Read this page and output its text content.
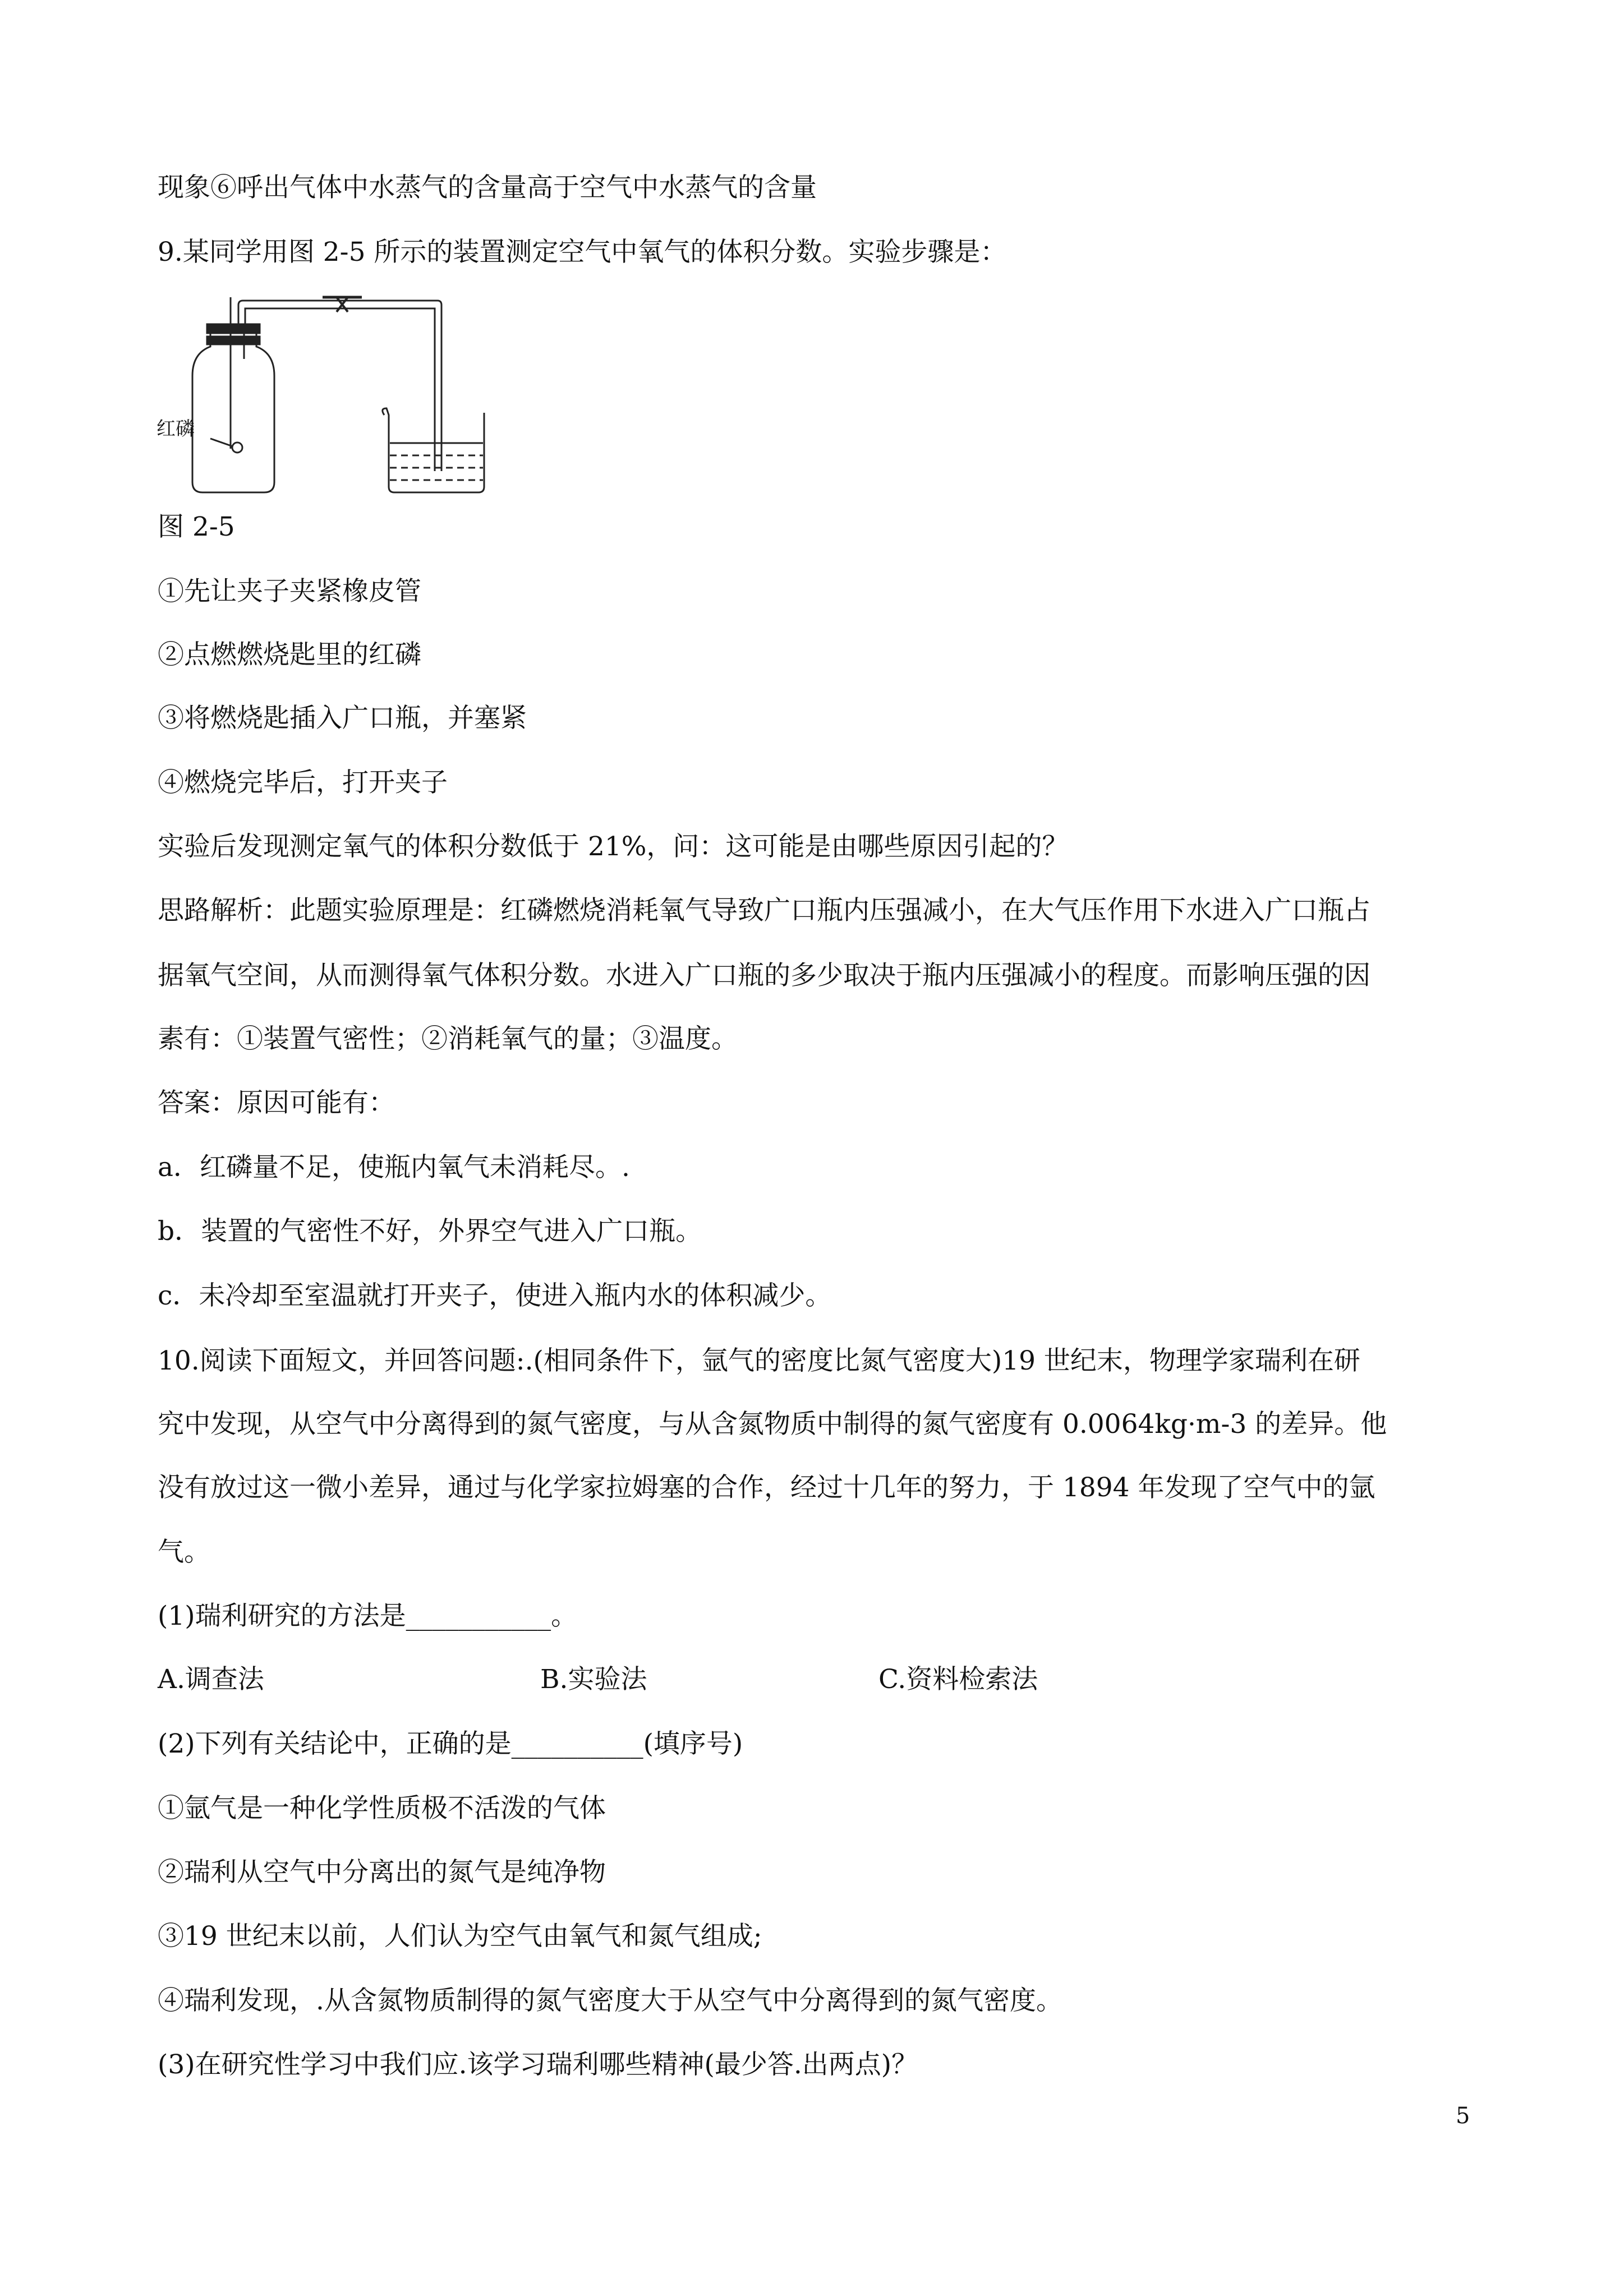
现象⑥呼出气体中水蒸气的含量高于空气中水蒸气的含量
9.某同学用图 2-5 所示的装置测定空气中氧气的体积分数。实验步骤是：
红磷
图 2-5
①先让夹子夹紧橡皮管
②点燃燃烧匙里的红磷
③将燃烧匙插入广口瓶，并塞紧
④燃烧完毕后，打开夹子
实验后发现测定氧气的体积分数低于 21%，问：这可能是由哪些原因引起的？
思路解析：此题实验原理是：红磷燃烧消耗氧气导致广口瓶内压强减小，在大气压作用下水进入广口瓶占
据氧气空间，从而测得氧气体积分数。水进入广口瓶的多少取决于瓶内压强减小的程度。而影响压强的因
素有：①装置气密性；②消耗氧气的量；③温度。
答案：原因可能有：
a．红磷量不足，使瓶内氧气未消耗尽。.
b．装置的气密性不好，外界空气进入广口瓶。
c．未冷却至室温就打开夹子，使进入瓶内水的体积减少。
10.阅读下面短文，并回答问题:.(相同条件下，氩气的密度比氮气密度大)19 世纪末，物理学家瑞利在研
究中发现，从空气中分离得到的氮气密度，与从含氮物质中制得的氮气密度有 0.0064kg·m-3 的差异。他
没有放过这一微小差异，通过与化学家拉姆塞的合作，经过十几年的努力，于 1894 年发现了空气中的氩
气。
(1)瑞利研究的方法是___________。
A.调查法	B.实验法	C.资料检索法
(2)下列有关结论中，正确的是__________(填序号)
①氩气是一种化学性质极不活泼的气体
②瑞利从空气中分离出的氮气是纯净物
③19 世纪末以前，人们认为空气由氧气和氮气组成;
④瑞利发现，.从含氮物质制得的氮气密度大于从空气中分离得到的氮气密度。
(3)在研究性学习中我们应.该学习瑞利哪些精神(最少答.出两点)？
5
